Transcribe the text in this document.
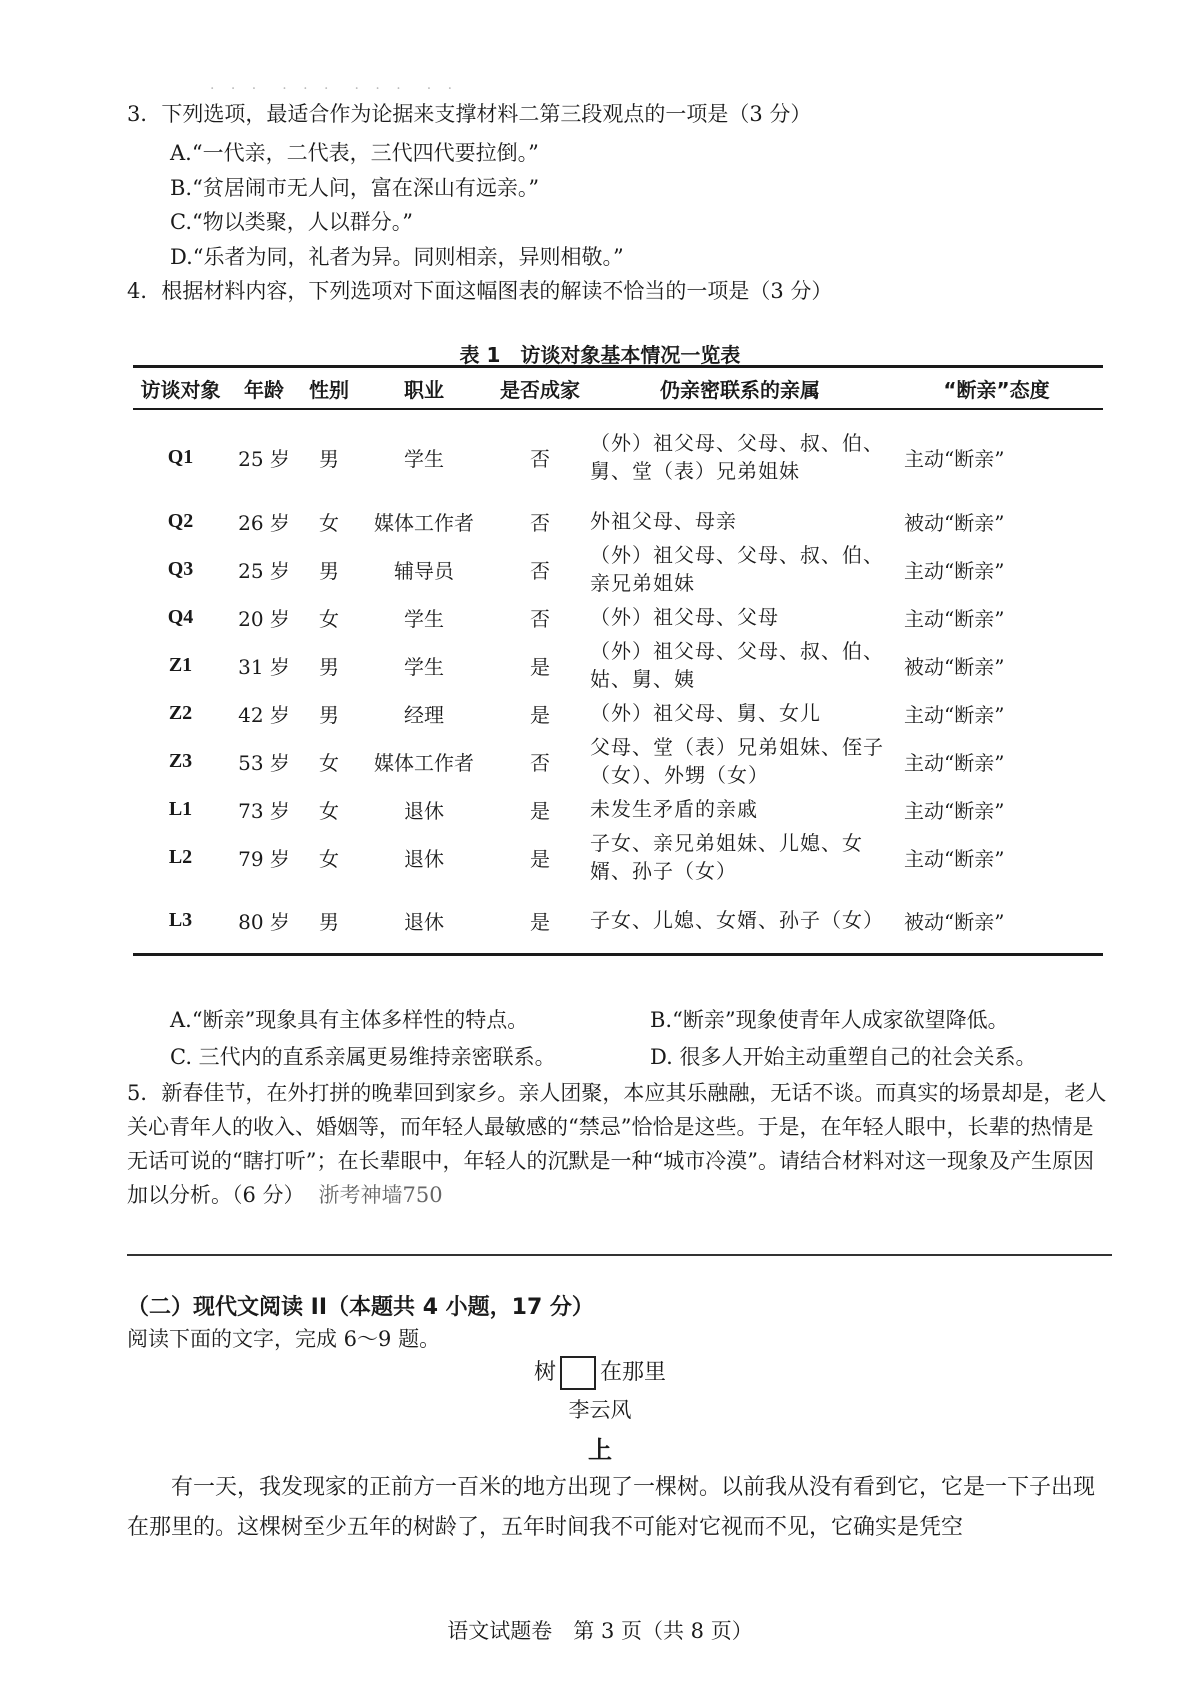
· · ·　· · ·　· · ·　· ·
3．下列选项，最适合作为论据来支撑材料二第三段观点的一项是（3 分）
A.“一代亲，二代表，三代四代要拉倒。”
B.“贫居闹市无人问，富在深山有远亲。”
C.“物以类聚，人以群分。”
D.“乐者为同，礼者为异。同则相亲，异则相敬。”
4．根据材料内容，下列选项对下面这幅图表的解读不恰当的一项是（3 分）
表 1　访谈对象基本情况一览表
访谈对象	年龄	性别	职业	是否成家	仍亲密联系的亲属	“断亲”态度
Q1	25 岁	男	学生	否	（外）祖父母、父母、叔、伯、舅、堂（表）兄弟姐妹	主动“断亲”
Q2	26 岁	女	媒体工作者	否	外祖父母、母亲	被动“断亲”
Q3	25 岁	男	辅导员	否	（外）祖父母、父母、叔、伯、亲兄弟姐妹	主动“断亲”
Q4	20 岁	女	学生	否	（外）祖父母、父母	主动“断亲”
Z1	31 岁	男	学生	是	（外）祖父母、父母、叔、伯、姑、舅、姨	被动“断亲”
Z2	42 岁	男	经理	是	（外）祖父母、舅、女儿	主动“断亲”
Z3	53 岁	女	媒体工作者	否	父母、堂（表）兄弟姐妹、侄子（女）、外甥（女）	主动“断亲”
L1	73 岁	女	退休	是	未发生矛盾的亲戚	主动“断亲”
L2	79 岁	女	退休	是	子女、亲兄弟姐妹、儿媳、女婿、孙子（女）	主动“断亲”
L3	80 岁	男	退休	是	子女、儿媳、女婿、孙子（女）	被动“断亲”
A.“断亲”现象具有主体多样性的特点。	B.“断亲”现象使青年人成家欲望降低。
C. 三代内的直系亲属更易维持亲密联系。	D. 很多人开始主动重塑自己的社会关系。
5．新春佳节，在外打拼的晚辈回到家乡。亲人团聚，本应其乐融融，无话不谈。而真实的场景却是，老人关心青年人的收入、婚姻等，而年轻人最敏感的“禁忌”恰恰是这些。于是，在年轻人眼中，长辈的热情是无话可说的“瞎打听”；在长辈眼中，年轻人的沉默是一种“城市冷漠”。请结合材料对这一现象及产生原因加以分析。（6 分） 浙考神墙750
（二）现代文阅读 II（本题共 4 小题，17 分）
阅读下面的文字，完成 6～9 题。
树 在那里
李云风
上
有一天，我发现家的正前方一百米的地方出现了一棵树。以前我从没有看到它，它是一下子出现在那里的。这棵树至少五年的树龄了，五年时间我不可能对它视而不见，它确实是凭空
语文试题卷　第 3 页（共 8 页）
